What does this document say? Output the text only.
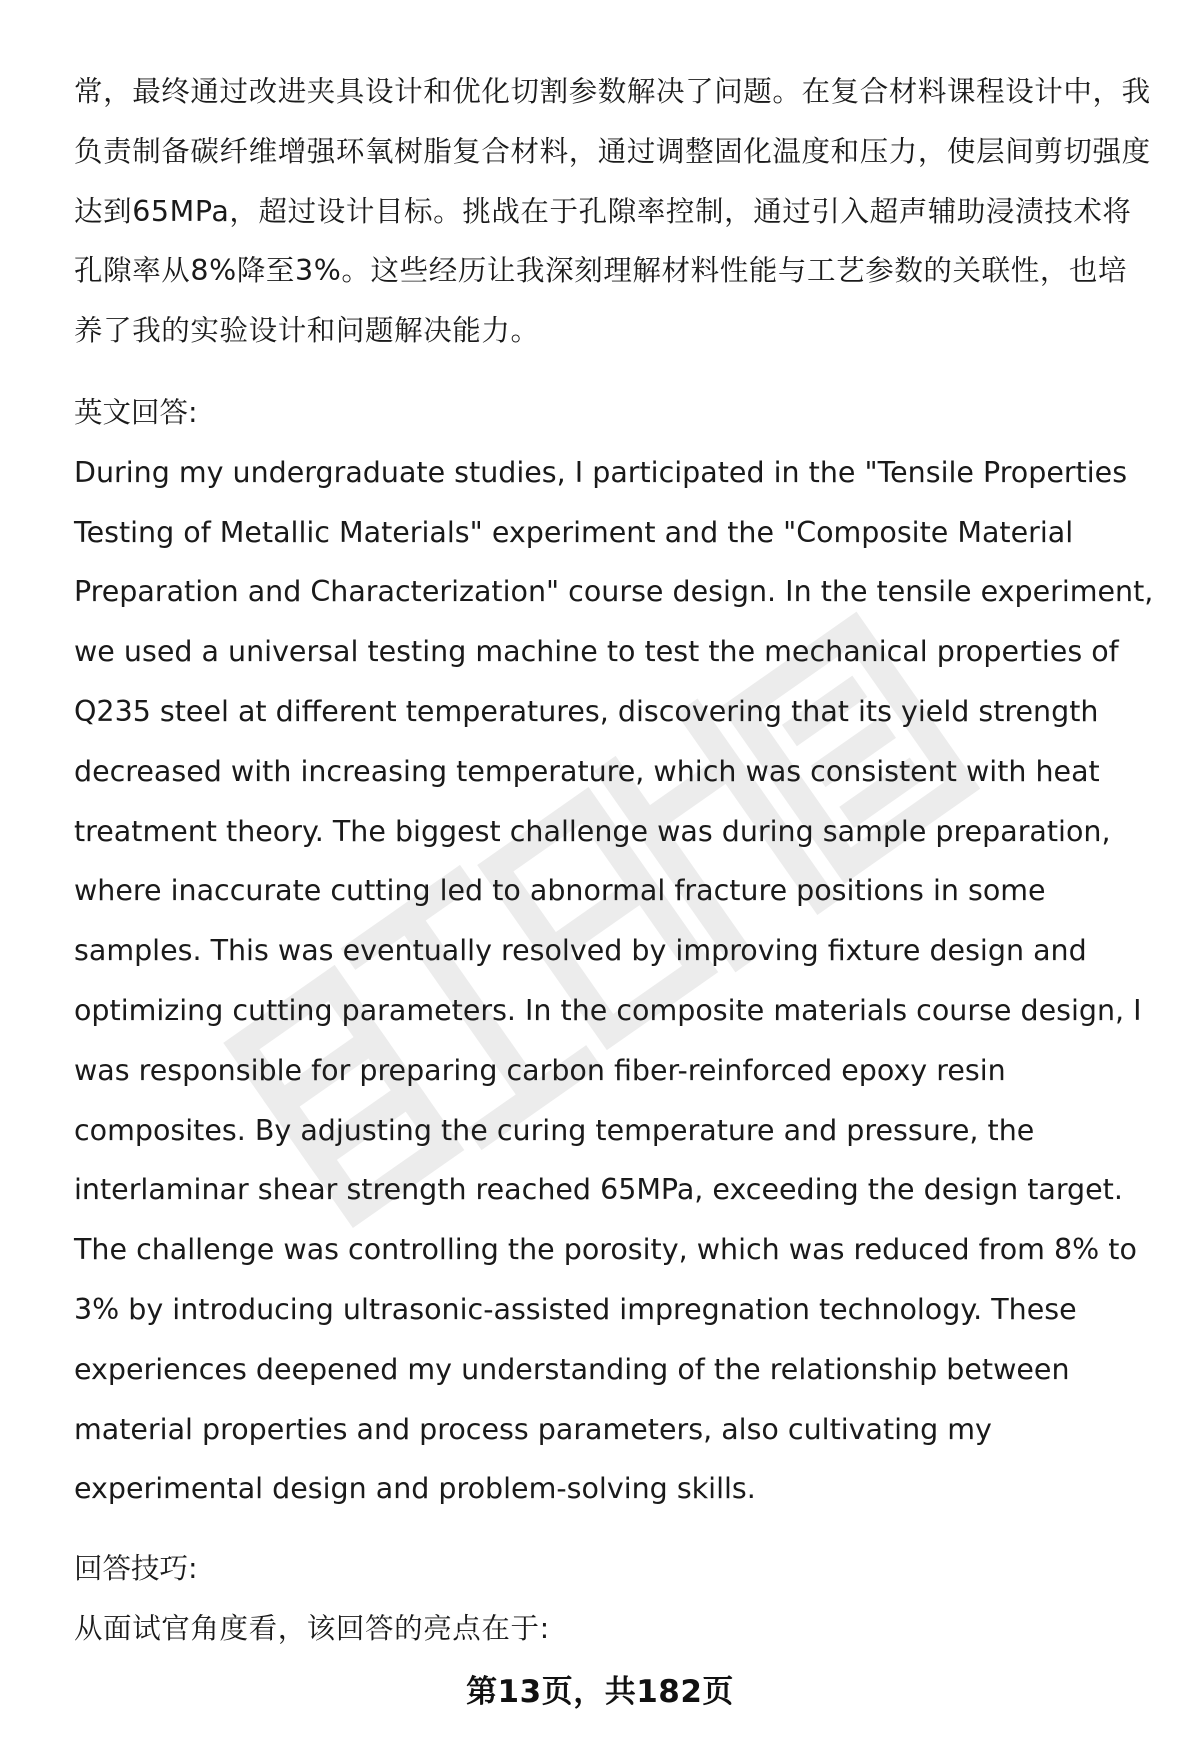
常，最终通过改进夹具设计和优化切割参数解决了问题。在复合材料课程设计中，我负责制备碳纤维增强环氧树脂复合材料，通过调整固化温度和压力，使层间剪切强度达到65MPa，超过设计目标。挑战在于孔隙率控制，通过引入超声辅助浸渍技术将孔隙率从8%降至3%。这些经历让我深刻理解材料性能与工艺参数的关联性，也培养了我的实验设计和问题解决能力。

英文回答:

During my undergraduate studies, I participated in the "Tensile Properties Testing of Metallic Materials" experiment and the "Composite Material Preparation and Characterization" course design. In the tensile experiment, we used a universal testing machine to test the mechanical properties of Q235 steel at different temperatures, discovering that its yield strength decreased with increasing temperature, which was consistent with heat treatment theory. The biggest challenge was during sample preparation, where inaccurate cutting led to abnormal fracture positions in some samples. This was eventually resolved by improving fixture design and optimizing cutting parameters. In the composite materials course design, I was responsible for preparing carbon fiber-reinforced epoxy resin composites. By adjusting the curing temperature and pressure, the interlaminar shear strength reached 65MPa, exceeding the design target. The challenge was controlling the porosity, which was reduced from 8% to 3% by introducing ultrasonic-assisted impregnation technology. These experiences deepened my understanding of the relationship between material properties and process parameters, also cultivating my experimental design and problem-solving skills.

回答技巧:

从面试官角度看，该回答的亮点在于:

第13页，共182页
